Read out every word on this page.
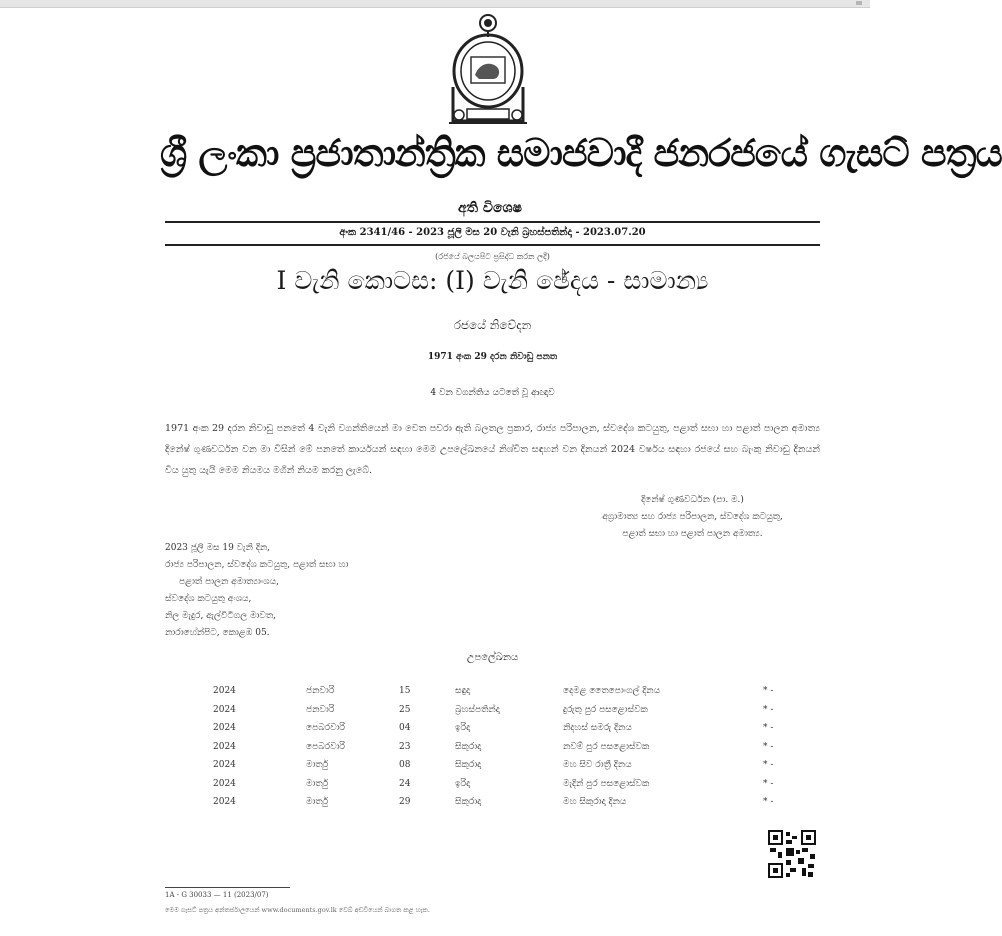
ශ්‍රී ලංකා ප්‍රජාතාන්ත්‍රික සමාජවාදී ජනරජයේ ගැසට් පත්‍රය
අති විශෙෂ
අංක 2341/46 - 2023 ජූලි මස 20 වැනි බ්‍රහස්පතින්දා - 2023.07.20
(රජයේ බලයපිට ප්‍රසිද්ධ කරන ලදී)
I වැනි කොටස: (I) වැනි ඡේදය - සාමාන්‍ය
රජයේ නිවේදන
1971 අංක 29 දරන නිවාඩු පනත
4 වන වගන්තිය යටතේ වූ ආඥාව
1971 අංක 29 දරන නිවාඩු පනතේ 4 වැනි වගන්තියෙන් මා වෙත පවරා ඇති බලතල ප්‍රකාර, රාජ්‍ය පරිපාලන, ස්වදේශ කටයුතු, පළාත් සභා හා පළාත් පාලන අමාත්‍ය දිනේෂ් ගුණවර්ධන වන මා විසින් මේ පනතේ කාර්යයන් සඳහා මෙම උපලේඛනයේ නිශ්චිත සඳහන් වන දිනයන් 2024 වර්ෂය සඳහා රජයේ සහ බැංකු නිවාඩු දිනයන් විය යුතු යැයි මෙම නියමය මගින් නියම කරනු ලැබේ.
දිනේෂ් ගුණවර්ධන (පා. ම.)
අග්‍රාමාත්‍ය සහ රාජ්‍ය පරිපාලන, ස්වදේශ කටයුතු,
පළාත් සභා හා පළාත් පාලන අමාත්‍ය.
2023 ජූලි මස 19 වැනි දින,
රාජ්‍ය පරිපාලන, ස්වදේශ කටයුතු, පළාත් සභා හා
පළාත් පාලන අමාත්‍යාංශය,
ස්වදේශ කටයුතු අංශය,
නිල මැදුර, ඇල්විටිගල මාවත,
නාරාහේන්පිට, කොළඹ 05.
උපලේඛනය
2024	ජනවාරි	15	සඳුදා	දෙමළ තෛපොංගල් දිනය	* -
2024	ජනවාරි	25	බ්‍රහස්පතින්දා	දුරුතු පුර පසළොස්වක	* -
2024	පෙබරවාරි	04	ඉරිදා	නිදහස් සමරු දිනය	* -
2024	පෙබරවාරි	23	සිකුරාදා	නවම් පුර පසළොස්වක	* -
2024	මාර්තු	08	සිකුරාදා	මහ සිව රාත්‍රී දිනය	* -
2024	මාර්තු	24	ඉරිදා	මැදින් පුර පසළොස්වක	* -
2024	මාර්තු	29	සිකුරාදා	මහ සිකුරාදා දිනය	* -
1A - G 30033 — 11 (2023/07)
මෙම ගැසට් පත්‍රය අන්තර්ජාලයෙන් www.documents.gov.lk වෙබ් අඩවියෙන් බාගත කළ හැක.
